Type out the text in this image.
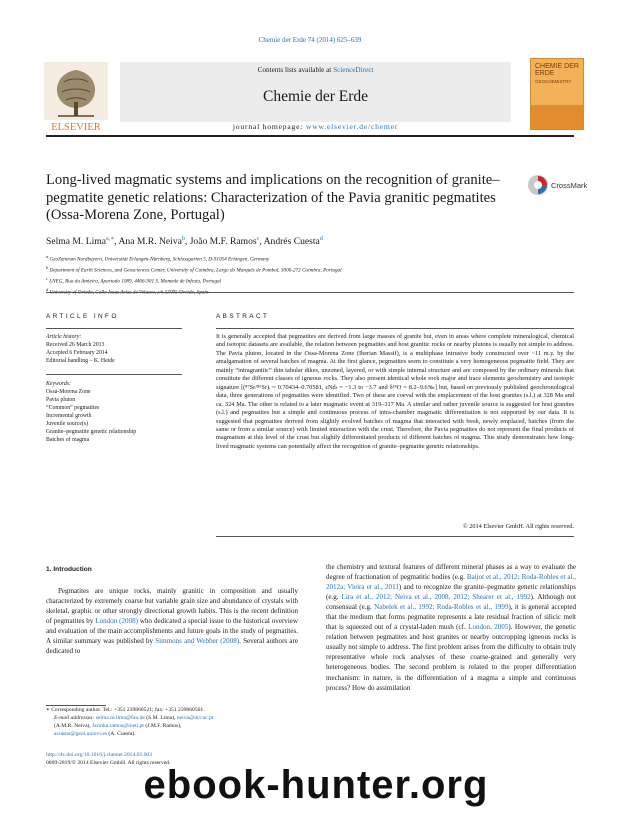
Chemie der Erde 74 (2014) 625–639
Contents lists available at ScienceDirect
Chemie der Erde
journal homepage: www.elsevier.de/chemer
ELSEVIER
CHEMIE DER ERDE
GEOCHEMISTRY
Long-lived magmatic systems and implications on the recognition of granite–pegmatite genetic relations: Characterization of the Pavia granitic pegmatites (Ossa-Morena Zone, Portugal)
CrossMark
Selma M. Lima$^{a,∗}$, Ana M.R. Neiva$^b$, João M.F. Ramos$^c$, Andrés Cuesta$^d$
$^a$ GeoZentrum Nordbayern, Universität Erlangen-Nürnberg, Schlossgarten 5, D-91054 Erlangen, Germany
$^b$ Department of Earth Sciences, and Geosciences Center, University of Coimbra, Largo do Marquês de Pombal, 3000-272 Coimbra, Portugal
$^c$ LNEG, Rua da Amieira, Apartado 1089, 4466-901 S. Mamede de Infesta, Portugal
$^d$
ARTICLE INFO
Article history:
Received 26 March 2013
Accepted 6 February 2014
Editorial handling – K. Heide
Keywords:
Ossa-Morena Zone
Pavia pluton
“Common” pegmatites
Incremental growth
Juvenile source(s)
Granite–pegmatite genetic relationship
Batches of magma
ABSTRACT
It is generally accepted that pegmatites are derived from large masses of granite but, even in areas where complete mineralogical, chemical and isotopic datasets are available, the relation between pegmatites and host granitic rocks or nearby plutons is usually not simple to address. The Pavia pluton, located in the Ossa-Morena Zone (Iberian Massif), is a multiphase intrusive body constructed over ~11 m.y. by the amalgamation of several batches of magma. At the first glance, pegmatites seem to constitute a very homogeneous pegmatite field. They are mainly “intragranitic” thin tabular dikes, unzoned, layered, or with simple internal structure and are composed by the ordinary minerals that constitute the different classes of igneous rocks. They also present identical whole rock major and trace elements geochemistry and isotopic signature [(⁸⁷Sr/⁸⁶Sr)ᵢ = 0.70434–0.70581, εNdₜ = −1.3 to −3.7 and δ¹⁸O = 8.2–9.6‰] but, based on previously published geochronological data, three generations of pegmatites were identified. Two of these are coeval with the emplacement of the host granites (s.l.) at 328 Ma and ca. 324 Ma. The other is related to a later magmatic event at 319–317 Ma. A similar and rather juvenile source is suggested for host granites (s.l.) and pegmatites but a simple and continuous process of intra-chamber magmatic differentiation is not supported by our data. It is suggested that pegmatites derived from slightly evolved batches of magma that interacted with fresh, newly emplaced, batches (from the same or from a similar source) with limited interaction with the crust. Therefore, the Pavia pegmatites do not represent the final products of magmatism at this level of the crust but slightly differentiated products of different batches of magma. This study demonstrates how long-lived magmatic systems can potentially affect the recognition of granite–pegmatite genetic relationships.
© 2014 Elsevier GmbH. All rights reserved.
1. Introduction
Pegmatites are unique rocks, mainly granitic in composition and usually characterized by extremely coarse but variable grain size and abundance of crystals with skeletal, graphic or other strongly directional growth habits. This is the recent definition of pegmatites by London (2008) who dedicated a special issue to the historical overview and evaluation of the main accomplishments and future goals in the study of pegmatites. A similar summary was published by Simmons and Webber (2008). Several authors are dedicated to
the chemistry and textural features of different mineral phases as a way to evaluate the degree of fractionation of pegmatitic bodies (e.g. Baijot et al., 2012; Roda-Robles et al., 2012a; Vieira et al., 2011) and to recognize the granite–pegmatite genetic relationships (e.g. Lira et al., 2012; Neiva et al., 2008, 2012; Shearer et al., 1992). Although not consensual (e.g. Nabelek et al., 1992; Roda-Robles et al., 1999), it is general accepted that the medium that forms pegmatite represents a late residual fraction of silicic melt that is squeezed out of a crystal-laden mush (cf. London, 2005). However, the genetic relation between pegmatites and host granites or nearby outcropping igneous rocks is usually not simple to address. The first problem arises from the difficulty to obtain truly representative whole rock analyses of these coarse-grained and generally very heterogeneous bodies. The second problem is related to the proper differentiation mechanism: in nature, is the differentiation of a magma a simple and continuous process? How do assimilation
∗ Corresponding author. Tel.: +351 239860521; fax: +351 239860501.
E-mail addresses: selma.m.lima@fau.de (S.M. Lima), neiva@dct.uc.pt
(A.M.R. Neiva), farinha.ramos@ineti.pt (J.M.F. Ramos),
acuesta@geol.uniovi.es (A. Cuesta).
http://dx.doi.org/10.1016/j.chemer.2014.02.003
0009-2819/© 2014 Elsevier GmbH. All rights reserved.
ebook-hunter.org
